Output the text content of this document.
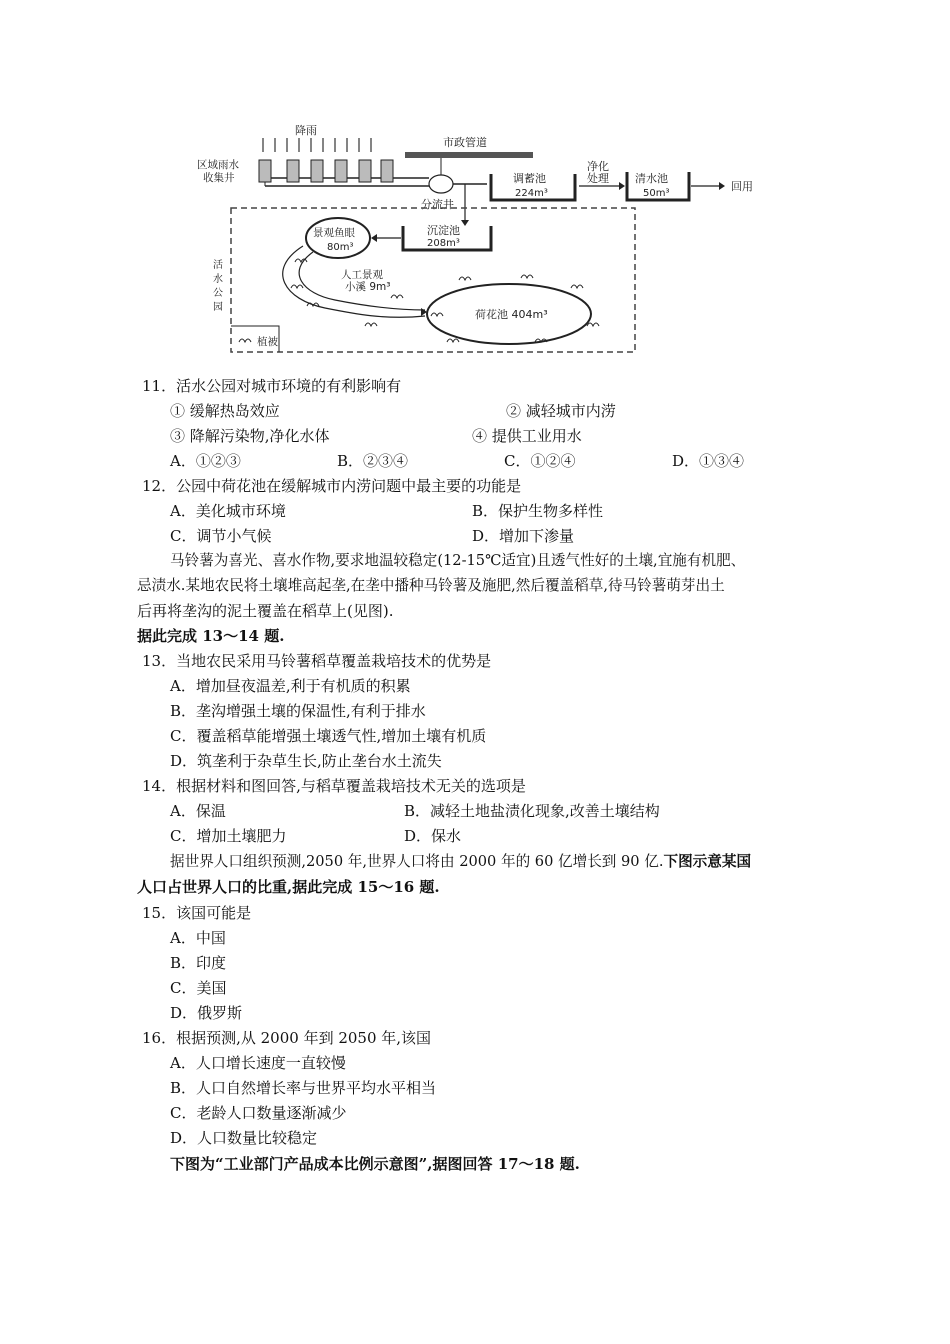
降雨
区域雨水
收集井
市政管道
分流井
调蓄池
224m³
净化
处理 清水池
50m³
回用
活水公园
沉淀池
208m³
景观鱼眼
80m³
人工景观
小溪 9m³
荷花池 404m³
植被
11．活水公园对城市环境的有利影响有
① 缓解热岛效应	② 减轻城市内涝
③ 降解污染物,净化水体	④ 提供工业用水
A．①②③	B．②③④	C．①②④	D．①③④
12．公园中荷花池在缓解城市内涝问题中最主要的功能是
A．美化城市环境	B．保护生物多样性
C．调节小气候	D．增加下渗量
马铃薯为喜光、喜水作物,要求地温较稳定(12-15℃适宜)且透气性好的土壤,宜施有机肥、
忌渍水.某地农民将土壤堆高起垄,在垄中播种马铃薯及施肥,然后覆盖稻草,待马铃薯萌芽出土
后再将垄沟的泥土覆盖在稻草上(见图).
据此完成 13～14 题.
13．当地农民采用马铃薯稻草覆盖栽培技术的优势是
A．增加昼夜温差,利于有机质的积累
B．垄沟增强土壤的保温性,有利于排水
C．覆盖稻草能增强土壤透气性,增加土壤有机质
D．筑垄利于杂草生长,防止垄台水土流失
14．根据材料和图回答,与稻草覆盖栽培技术无关的选项是
A．保温	B．减轻土地盐渍化现象,改善土壤结构
C．增加土壤肥力	D．保水
据世界人口组织预测,2050 年,世界人口将由 2000 年的 60 亿增长到 90 亿.下图示意某国
人口占世界人口的比重,据此完成 15～16 题.
15．该国可能是
A．中国
B．印度
C．美国
D．俄罗斯
16．根据预测,从 2000 年到 2050 年,该国
A．人口增长速度一直较慢
B．人口自然增长率与世界平均水平相当
C．老龄人口数量逐渐减少
D．人口数量比较稳定
下图为“工业部门产品成本比例示意图”,据图回答 17～18 题.
